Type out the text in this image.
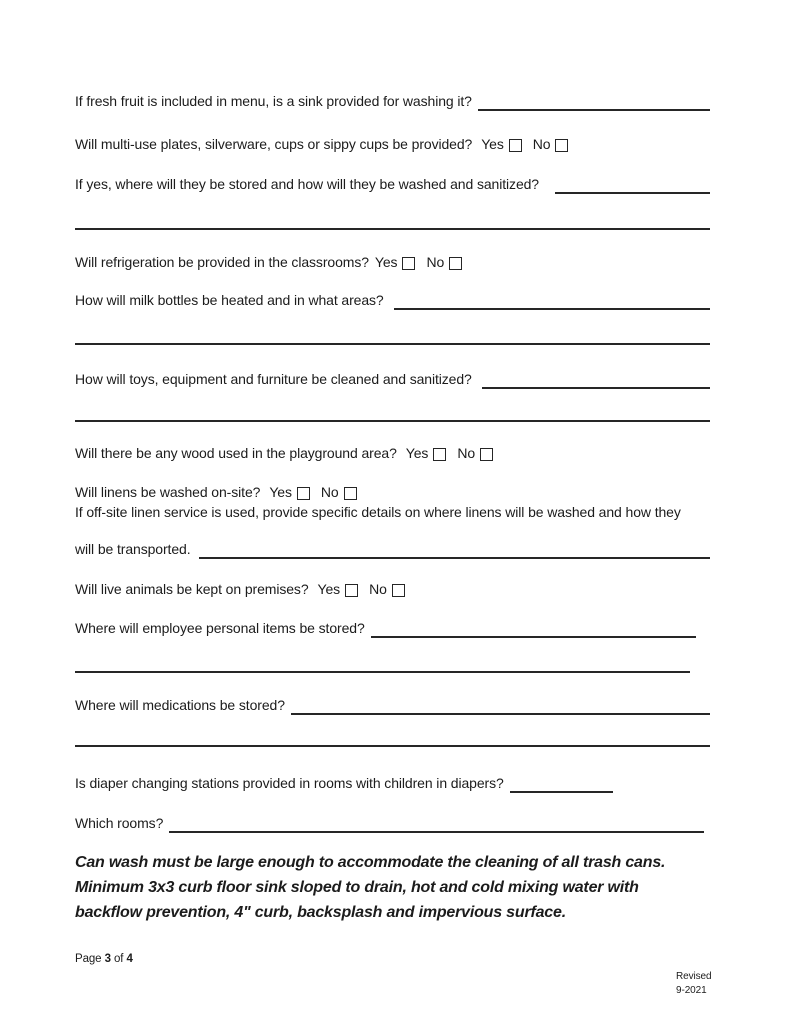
If fresh fruit is included in menu, is a sink provided for washing it?
Will multi-use plates, silverware, cups or sippy cups be provided? Yes No
If yes, where will they be stored and how will they be washed and sanitized?
Will refrigeration be provided in the classrooms? Yes No
How will milk bottles be heated and in what areas?
How will toys, equipment and furniture be cleaned and sanitized?
Will there be any wood used in the playground area? Yes No
Will linens be washed on-site? Yes No
If off-site linen service is used, provide specific details on where linens will be washed and how they
will be transported.
Will live animals be kept on premises? Yes No
Where will employee personal items be stored?
Where will medications be stored?
Is diaper changing stations provided in rooms with children in diapers?
Which rooms?
Can wash must be large enough to accommodate the cleaning of all trash cans.
Minimum 3x3 curb floor sink sloped to drain, hot and cold mixing water with
backflow prevention, 4" curb, backsplash and impervious surface.
Page 3 of 4
Revised
9-2021
